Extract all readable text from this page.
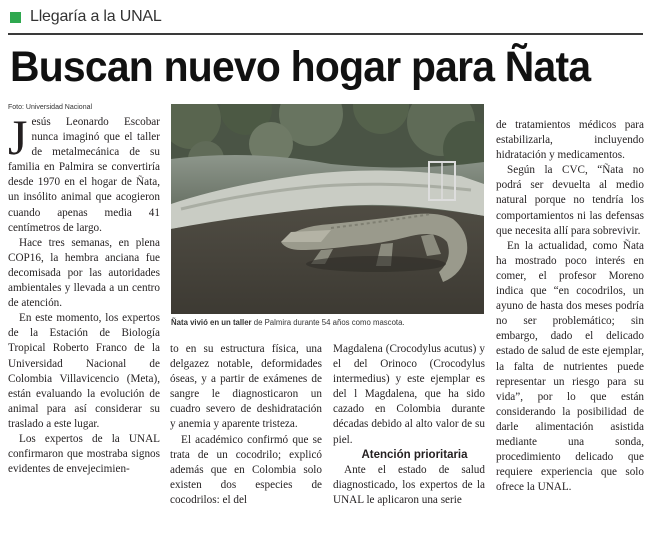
Llegaría a la UNAL
Buscan nuevo hogar para Ñata
Foto: Universidad Nacional

Jesús Leonardo Escobar nunca imaginó que el taller de metalmecánica de su familia en Palmira se convertiría desde 1970 en el hogar de Ñata, un insólito animal que acogieron cuando apenas media 41 centímetros de largo.

Hace tres semanas, en plena COP16, la hembra anciana fue decomisada por las autoridades ambientales y llevada a un centro de atención.

En este momento, los expertos de la Estación de Biología Tropical Roberto Franco de la Universidad Nacional de Colombia Villavicencio (Meta), están evaluando la evolución de animal para así considerar su traslado a este lugar.

Los expertos de la UNAL confirmaron que mostraba signos evidentes de envejecimien-

Ñata vivió en un taller de Palmira durante 54 años como mascota.

to en su estructura física, una delgazez notable, deformidades óseas, y a partir de exámenes de sangre le diagnosticaron un cuadro severo de deshidratación y anemia y aparente tristeza.

El académico confirmó que se trata de un cocodrilo; explicó además que en Colombia solo existen dos especies de cocodrilos: el del

Magdalena (Crocodylus acutus) y el del Orinoco (Crocodylus intermedius) y este ejemplar es del l Magdalena, que ha sido cazado en Colombia durante décadas debido al alto valor de su piel.

Atención prioritaria

Ante el estado de salud diagnosticado, los expertos de la UNAL le aplicaron una serie

de tratamientos médicos para estabilizarla, incluyendo hidratación y medicamentos.

Según la CVC, “Ñata no podrá ser devuelta al medio natural porque no tendría los comportamientos ni las defensas que necesita allí para sobrevivir.

En la actualidad, como Ñata ha mostrado poco interés en comer, el profesor Moreno indica que “en cocodrilos, un ayuno de hasta dos meses podría no ser problemático; sin embargo, dado el delicado estado de salud de este ejemplar, la falta de nutrientes puede representar un riesgo para su vida”, por lo que están considerando la posibilidad de darle alimentación asistida mediante una sonda, procedimiento delicado que requiere experiencia que solo ofrece la UNAL.
